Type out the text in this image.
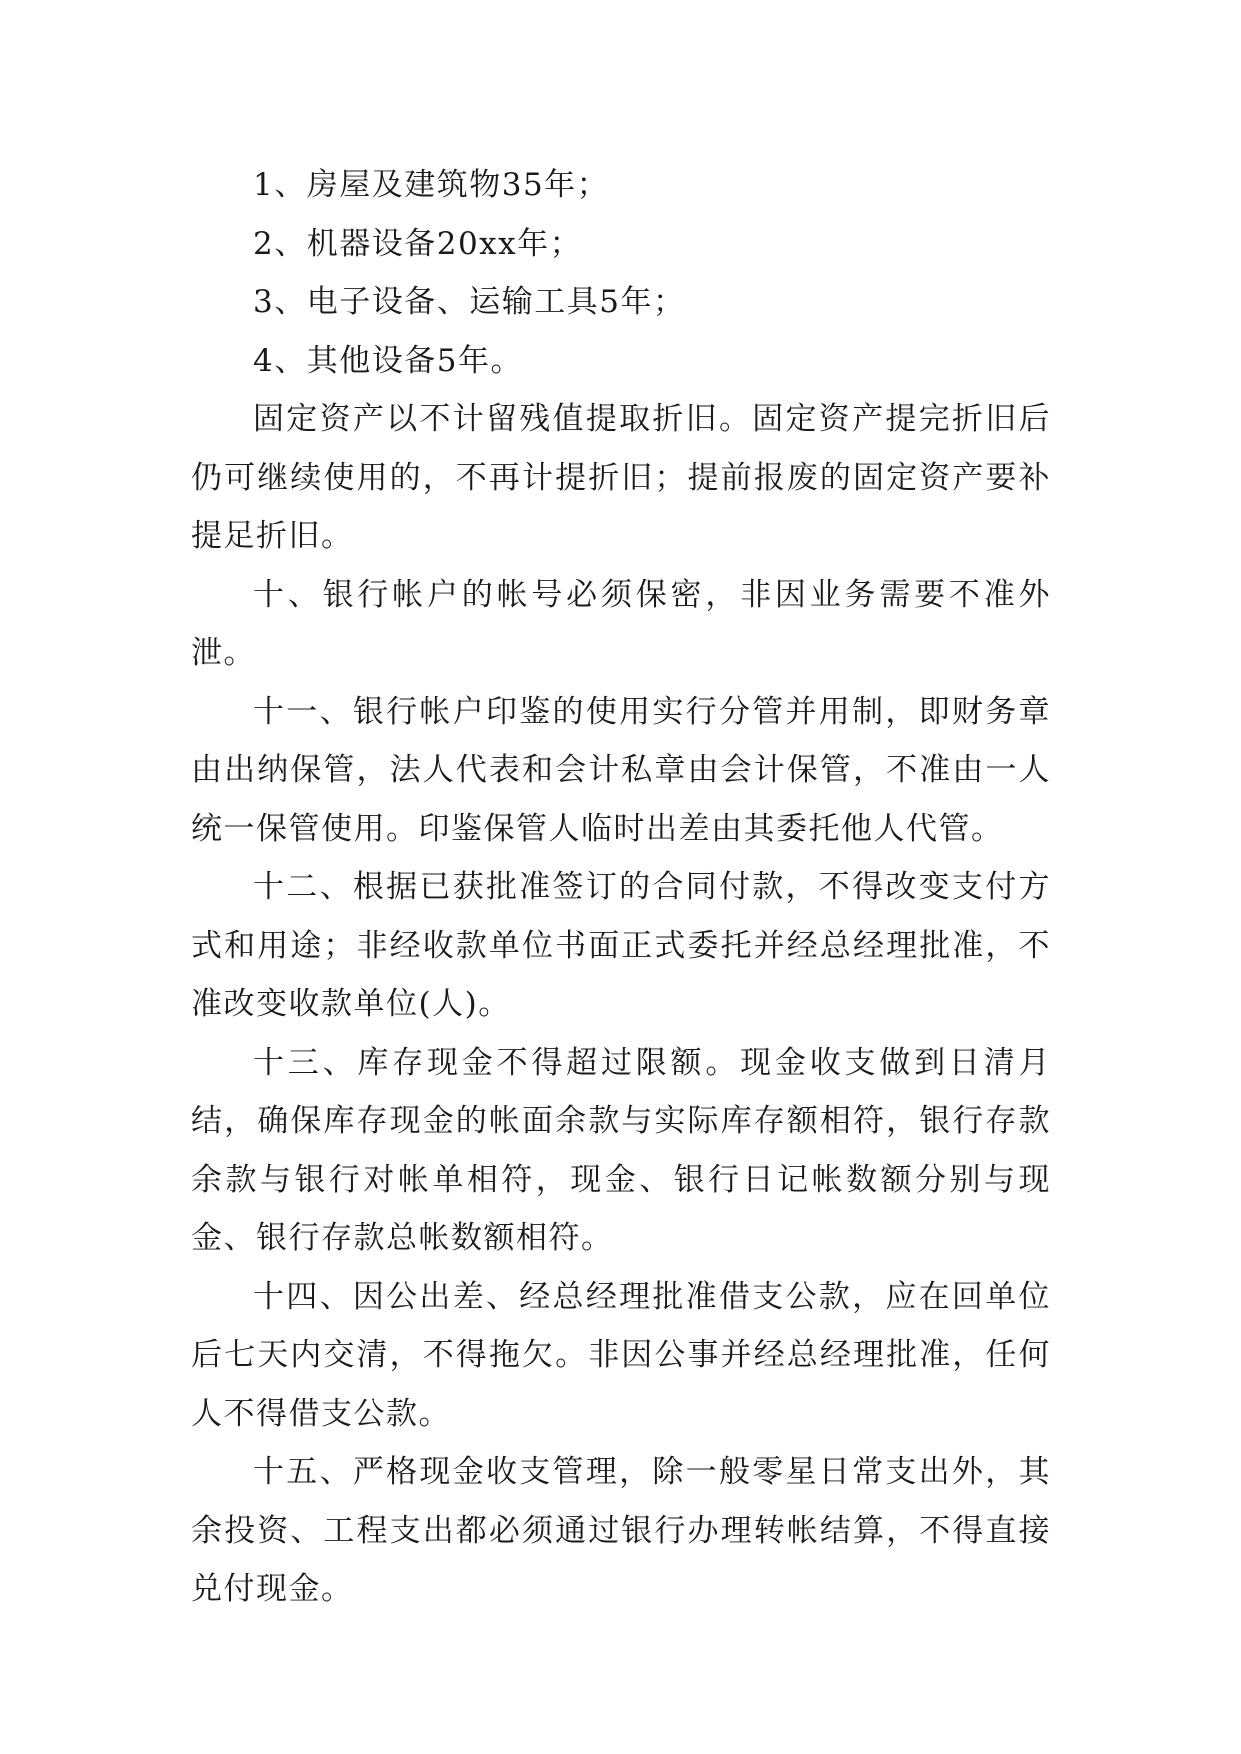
1、房屋及建筑物35年；

2、机器设备20xx年；

3、电子设备、运输工具5年；

4、其他设备5年。

固定资产以不计留残值提取折旧。固定资产提完折旧后仍可继续使用的，不再计提折旧；提前报废的固定资产要补提足折旧。

十、银行帐户的帐号必须保密，非因业务需要不准外泄。

十一、银行帐户印鉴的使用实行分管并用制，即财务章由出纳保管，法人代表和会计私章由会计保管，不准由一人统一保管使用。印鉴保管人临时出差由其委托他人代管。

十二、根据已获批准签订的合同付款，不得改变支付方式和用途；非经收款单位书面正式委托并经总经理批准，不准改变收款单位(人)。

十三、库存现金不得超过限额。现金收支做到日清月结，确保库存现金的帐面余款与实际库存额相符，银行存款余款与银行对帐单相符，现金、银行日记帐数额分别与现金、银行存款总帐数额相符。

十四、因公出差、经总经理批准借支公款，应在回单位后七天内交清，不得拖欠。非因公事并经总经理批准，任何人不得借支公款。

十五、严格现金收支管理，除一般零星日常支出外，其余投资、工程支出都必须通过银行办理转帐结算，不得直接兑付现金。
